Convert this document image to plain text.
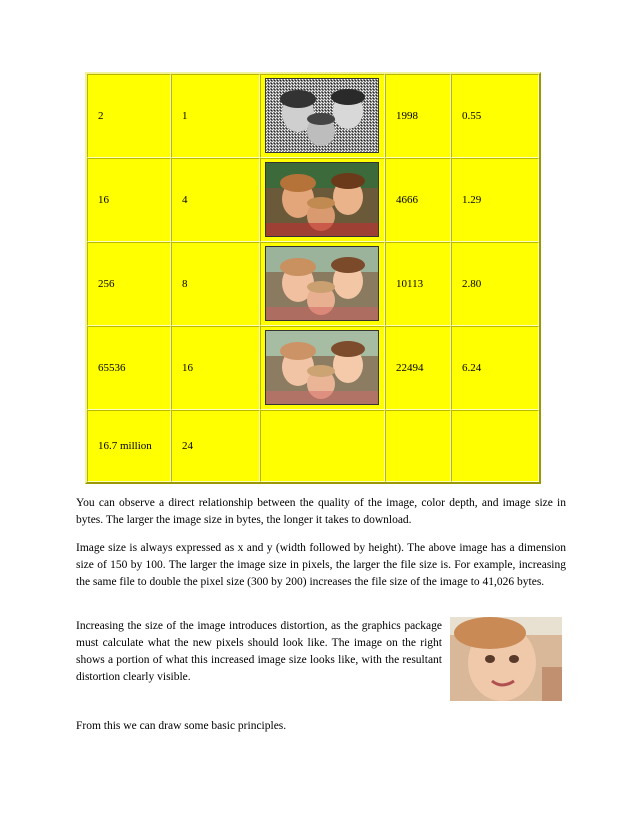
2	1	1998	0.55
16	4	4666	1.29
256	8	10113	2.80
65536	16	22494	6.24
16.7 million	24

You can observe a direct relationship between the quality of the image, color depth, and image size in bytes. The larger the image size in bytes, the longer it takes to download.

Image size is always expressed as x and y (width followed by height). The above image has a dimension size of 150 by 100. The larger the image size in pixels, the larger the file size is. For example, increasing the same file to double the pixel size (300 by 200) increases the file size of the image to 41,026 bytes.

Increasing the size of the image introduces distortion, as the graphics package must calculate what the new pixels should look like. The image on the right shows a portion of what this increased image size looks like, with the resultant distortion clearly visible.

From this we can draw some basic principles.
